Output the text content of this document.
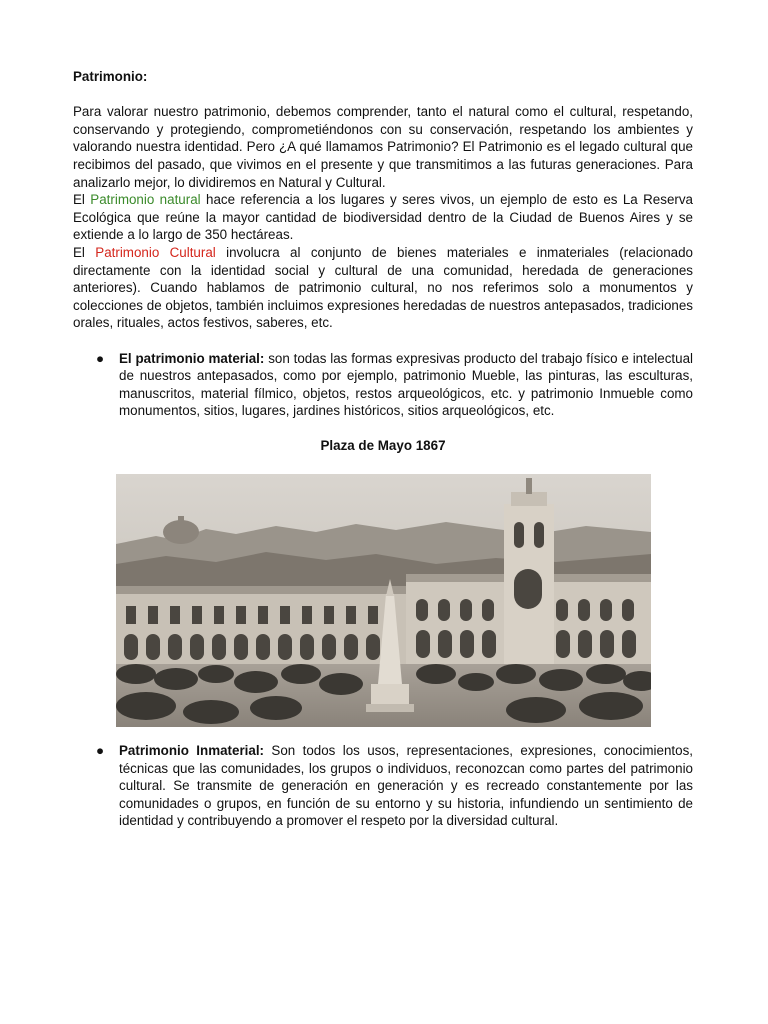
Patrimonio:

Para valorar nuestro patrimonio, debemos comprender, tanto el natural como el cultural, respetando, conservando y protegiendo, comprometiéndonos con su conservación, respetando los ambientes y valorando nuestra identidad. Pero ¿A qué llamamos Patrimonio? El Patrimonio es el legado cultural que recibimos del pasado, que vivimos en el presente y que transmitimos a las futuras generaciones. Para analizarlo mejor, lo dividiremos en Natural y Cultural.

El Patrimonio natural hace referencia a los lugares y seres vivos, un ejemplo de esto es La Reserva Ecológica que reúne la mayor cantidad de biodiversidad dentro de la Ciudad de Buenos Aires y se extiende a lo largo de 350 hectáreas.

El Patrimonio Cultural involucra al conjunto de bienes materiales e inmateriales (relacionado directamente con la identidad social y cultural de una comunidad, heredada de generaciones anteriores). Cuando hablamos de patrimonio cultural, no nos referimos solo a monumentos y colecciones de objetos, también incluimos expresiones heredadas de nuestros antepasados, tradiciones orales, rituales, actos festivos, saberes, etc.

● El patrimonio material: son todas las formas expresivas producto del trabajo físico e intelectual de nuestros antepasados, como por ejemplo, patrimonio Mueble, las pinturas, las esculturas, manuscritos, material fílmico, objetos, restos arqueológicos, etc. y patrimonio Inmueble como monumentos, sitios, lugares, jardines históricos, sitios arqueológicos, etc.

Plaza de Mayo 1867

● Patrimonio Inmaterial: Son todos los usos, representaciones, expresiones, conocimientos, técnicas que las comunidades, los grupos o individuos, reconozcan como partes del patrimonio cultural. Se transmite de generación en generación y es recreado constantemente por las comunidades o grupos, en función de su entorno y su historia, infundiendo un sentimiento de identidad y contribuyendo a promover el respeto por la diversidad cultural.
